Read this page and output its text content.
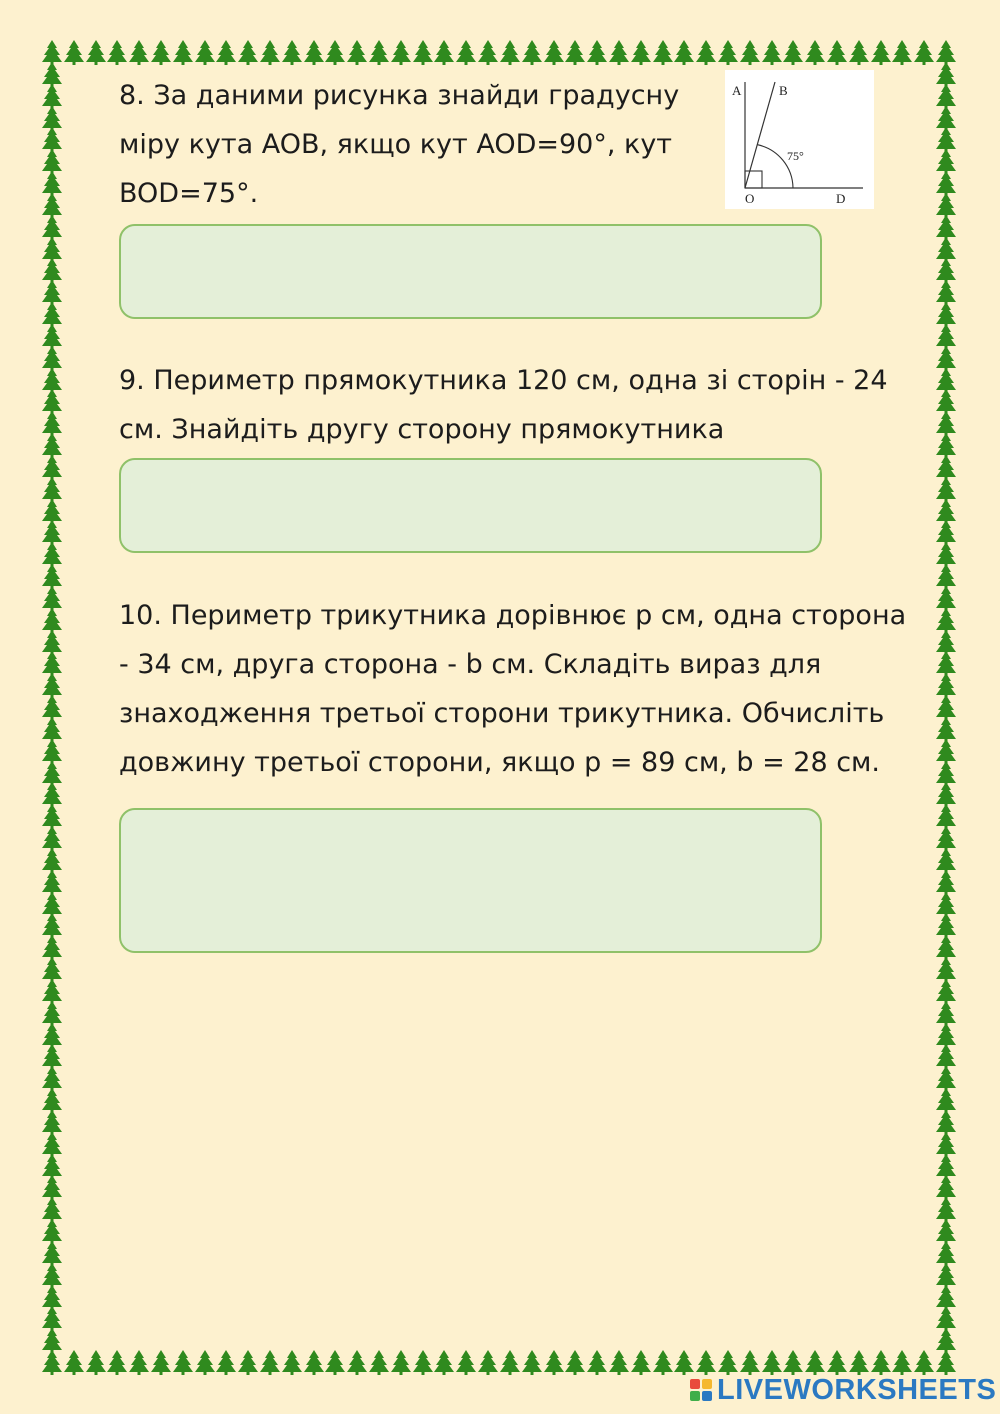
8. За даними рисунка знайди градусну
міру кута AOB, якщо кут AOD=90°, кут
BOD=75°.
A	B
75°
O	D
9. Периметр прямокутника 120 см, одна зі сторін - 24
см. Знайдіть другу сторону прямокутника
10. Периметр трикутника дорівнює p см, одна сторона
- 34 см, друга сторона - b см. Складіть вираз для
знаходження третьої сторони трикутника. Обчисліть
довжину третьої сторони, якщо p = 89 см, b = 28 см.
LIVEWORKSHEETS
